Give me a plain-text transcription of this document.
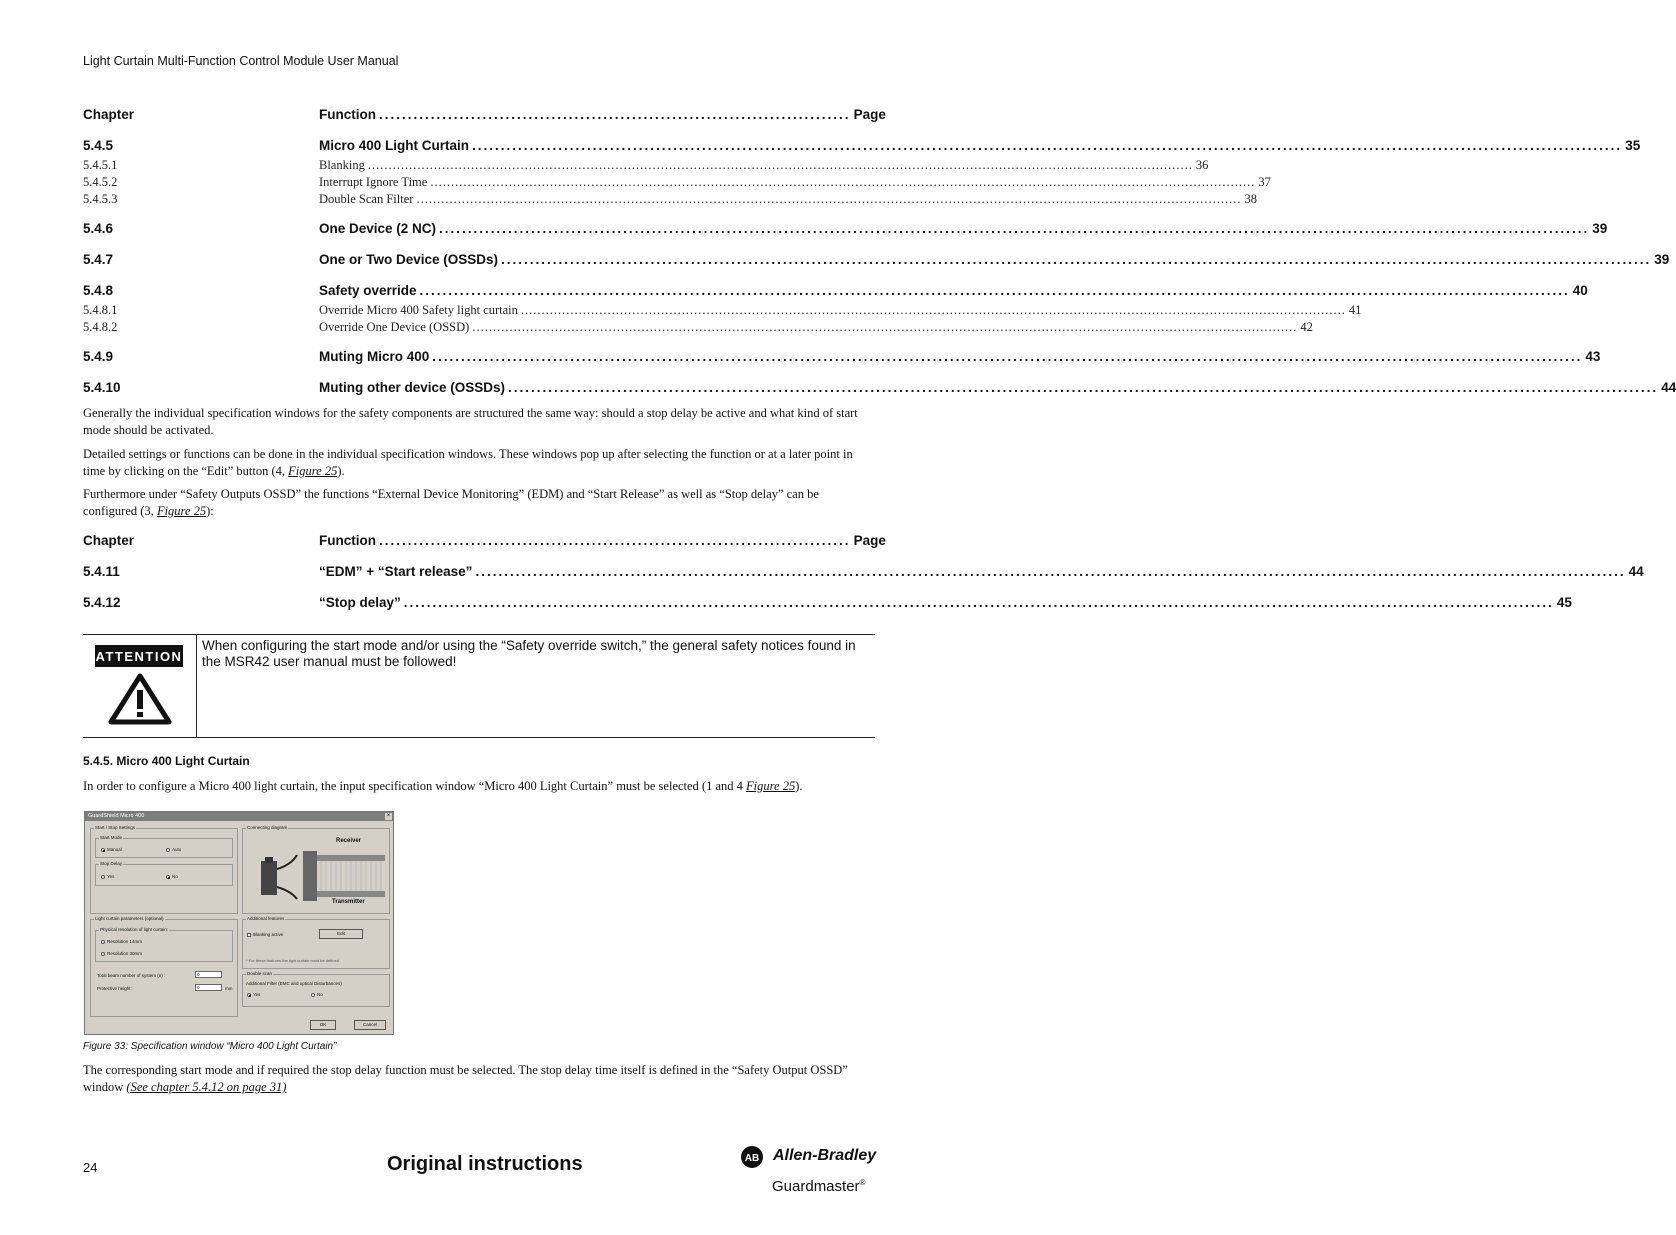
Light Curtain Multi-Function Control Module User Manual
Chapter	Function .................................................................................. Page
5.4.5	Micro 400 Light Curtain ........................................................................................................................................................................................................ 35
5.4.5.1	Blanking ........................................................................................................................................................................................................ 36
5.4.5.2	Interrupt Ignore Time ........................................................................................................................................................................................................ 37
5.4.5.3	Double Scan Filter ........................................................................................................................................................................................................ 38
5.4.6	One Device (2 NC) ........................................................................................................................................................................................................ 39
5.4.7	One or Two Device (OSSDs) ........................................................................................................................................................................................................ 39
5.4.8	Safety override ........................................................................................................................................................................................................ 40
5.4.8.1	Override Micro 400 Safety light curtain ........................................................................................................................................................................................................ 41
5.4.8.2	Override One Device (OSSD) ........................................................................................................................................................................................................ 42
5.4.9	Muting Micro 400 ........................................................................................................................................................................................................ 43
5.4.10	Muting other device (OSSDs) ........................................................................................................................................................................................................ 44
Generally the individual specification windows for the safety components are structured the same way: should a stop delay be active and what kind of start mode should be activated.
Detailed settings or functions can be done in the individual specification windows. These windows pop up after selecting the function or at a later point in time by clicking on the “Edit” button (4, Figure 25).
Furthermore under “Safety Outputs OSSD” the functions “External Device Monitoring” (EDM) and “Start Release” as well as “Stop delay” can be configured (3, Figure 25):
Chapter	Function .................................................................................. Page
5.4.11	“EDM” + “Start release” ........................................................................................................................................................................................................ 44
5.4.12	“Stop delay” ........................................................................................................................................................................................................ 45
ATTENTION
When configuring the start mode and/or using the “Safety override switch,” the general safety notices found in the MSR42 user manual must be followed!
5.4.5. Micro 400 Light Curtain
In order to configure a Micro 400 light curtain, the input specification window “Micro 400 Light Curtain” must be selected (1 and 4 Figure 25).
GuardShield Micro 400	×
Start / Stop Settings
Start Mode
Manual	Auto
Stop Delay
Yes	No
Connecting diagram
Receiver
Transmitter
Light curtain parameters (optional)
Physical resolution of light curtain:
Resolution 14mm
Resolution 30mm
Total beam number of system (n) :	0
Protective height:	0	mm
Additional features
Blanking active	Edit
* For these features the light curtain must be defined
Double scan
Additional Filter (EMC and optical Disturbances)
Yes	No
OK	Cancel
Figure 33: Specification window “Micro 400 Light Curtain”
The corresponding start mode and if required the stop delay function must be selected. The stop delay time itself is defined in the “Safety Output OSSD” window (See chapter 5.4.12 on page 31)
24	Original instructions	AB Allen-Bradley
Guardmaster®
